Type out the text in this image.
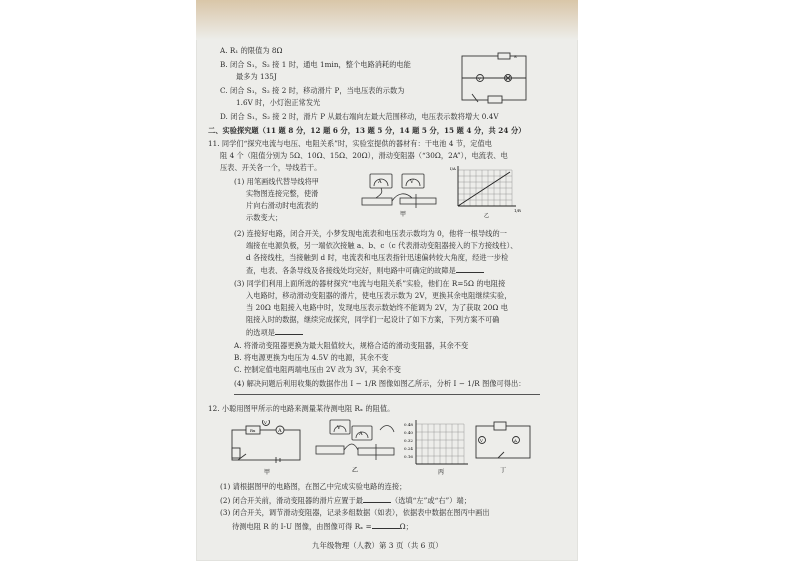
A. R₁ 的限值为 8Ω
B. 闭合 S₁，S₂ 接 1 时，通电 1min，整个电路消耗的电能
最多为 135J
C. 闭合 S₁，S₂ 接 2 时，移动滑片 P，当电压表的示数为
1.6V 时，小灯泡正常发光
D. 闭合 S₁，S₂ 接 2 时，滑片 P 从最右端向左最大范围移动，电压表示数将增大 0.4V
V
S
二、实验探究题（11 题 8 分，12 题 6 分，13 题 5 分，14 题 5 分，15 题 4 分，共 24 分）
11. 同学们“探究电流与电压、电阻关系”时，实验室提供的器材有：干电池 4 节，定值电
阻 4 个（阻值分别为 5Ω、10Ω、15Ω、20Ω），滑动变阻器（“30Ω，2A”），电流表、电
压表、开关各一个，导线若干。
(1) 用笔画线代替导线将甲
实物图连接完整，使滑
片向右滑动时电流表的
示数变大；
A	V
甲
I/A
1/R
乙
(2) 连接好电路，闭合开关，小梦发现电流表和电压表示数均为 0，他将一根导线的一
端接在电源负极，另一端依次接触 a、b、c（c 代表滑动变阻器接入的下方接线柱）、
d 各接线柱，当接触到 d 时，电流表和电压表指针迅速偏转较大角度，经进一步检
查，电表、各条导线及各接线处均完好，则电路中可确定的故障是
(3) 同学们利用上面所选的器材探究“电流与电阻关系”实验，他们在 R=5Ω 的电阻接
入电路时，移动滑动变阻器的滑片，使电压表示数为 2V，更换其余电阻继续实验，
当 20Ω 电阻接入电路中时，发现电压表示数始终不能调为 2V，为了获取 20Ω 电
阻接入时的数据，继续完成探究，同学们一起设计了如下方案，下列方案不可确
的选项是
A. 将滑动变阻器更换为最大阻值较大，规格合适的滑动变阻器，其余不变
B. 将电源更换为电压为 4.5V 的电源，其余不变
C. 控制定值电阻两端电压由 2V 改为 3V，其余不变
(4) 解决问题后利用收集的数据作出 I − 1/R 图像如图乙所示，分析 I − 1/R 图像可得出：
12. 小聪用图甲所示的电路来测量某待测电阻 Rₓ 的阻值。
A
V
Rx
甲
V
A
乙
0.48
0.40
0.32
0.24
0.16
丙
V	A
丁
(1) 请根据图甲的电路图，在图乙中完成实验电路的连接；
(2) 闭合开关前，滑动变阻器的滑片应置于最	（选填“左”或“右”）端；
(3) 闭合开关，调节滑动变阻器，记录多组数据（如表），依据表中数据在图丙中画出
待测电阻 R 的 I-U 图像，由图像可得 Rₓ =	Ω；
九年级物理（人教）第 3 页（共 6 页）
